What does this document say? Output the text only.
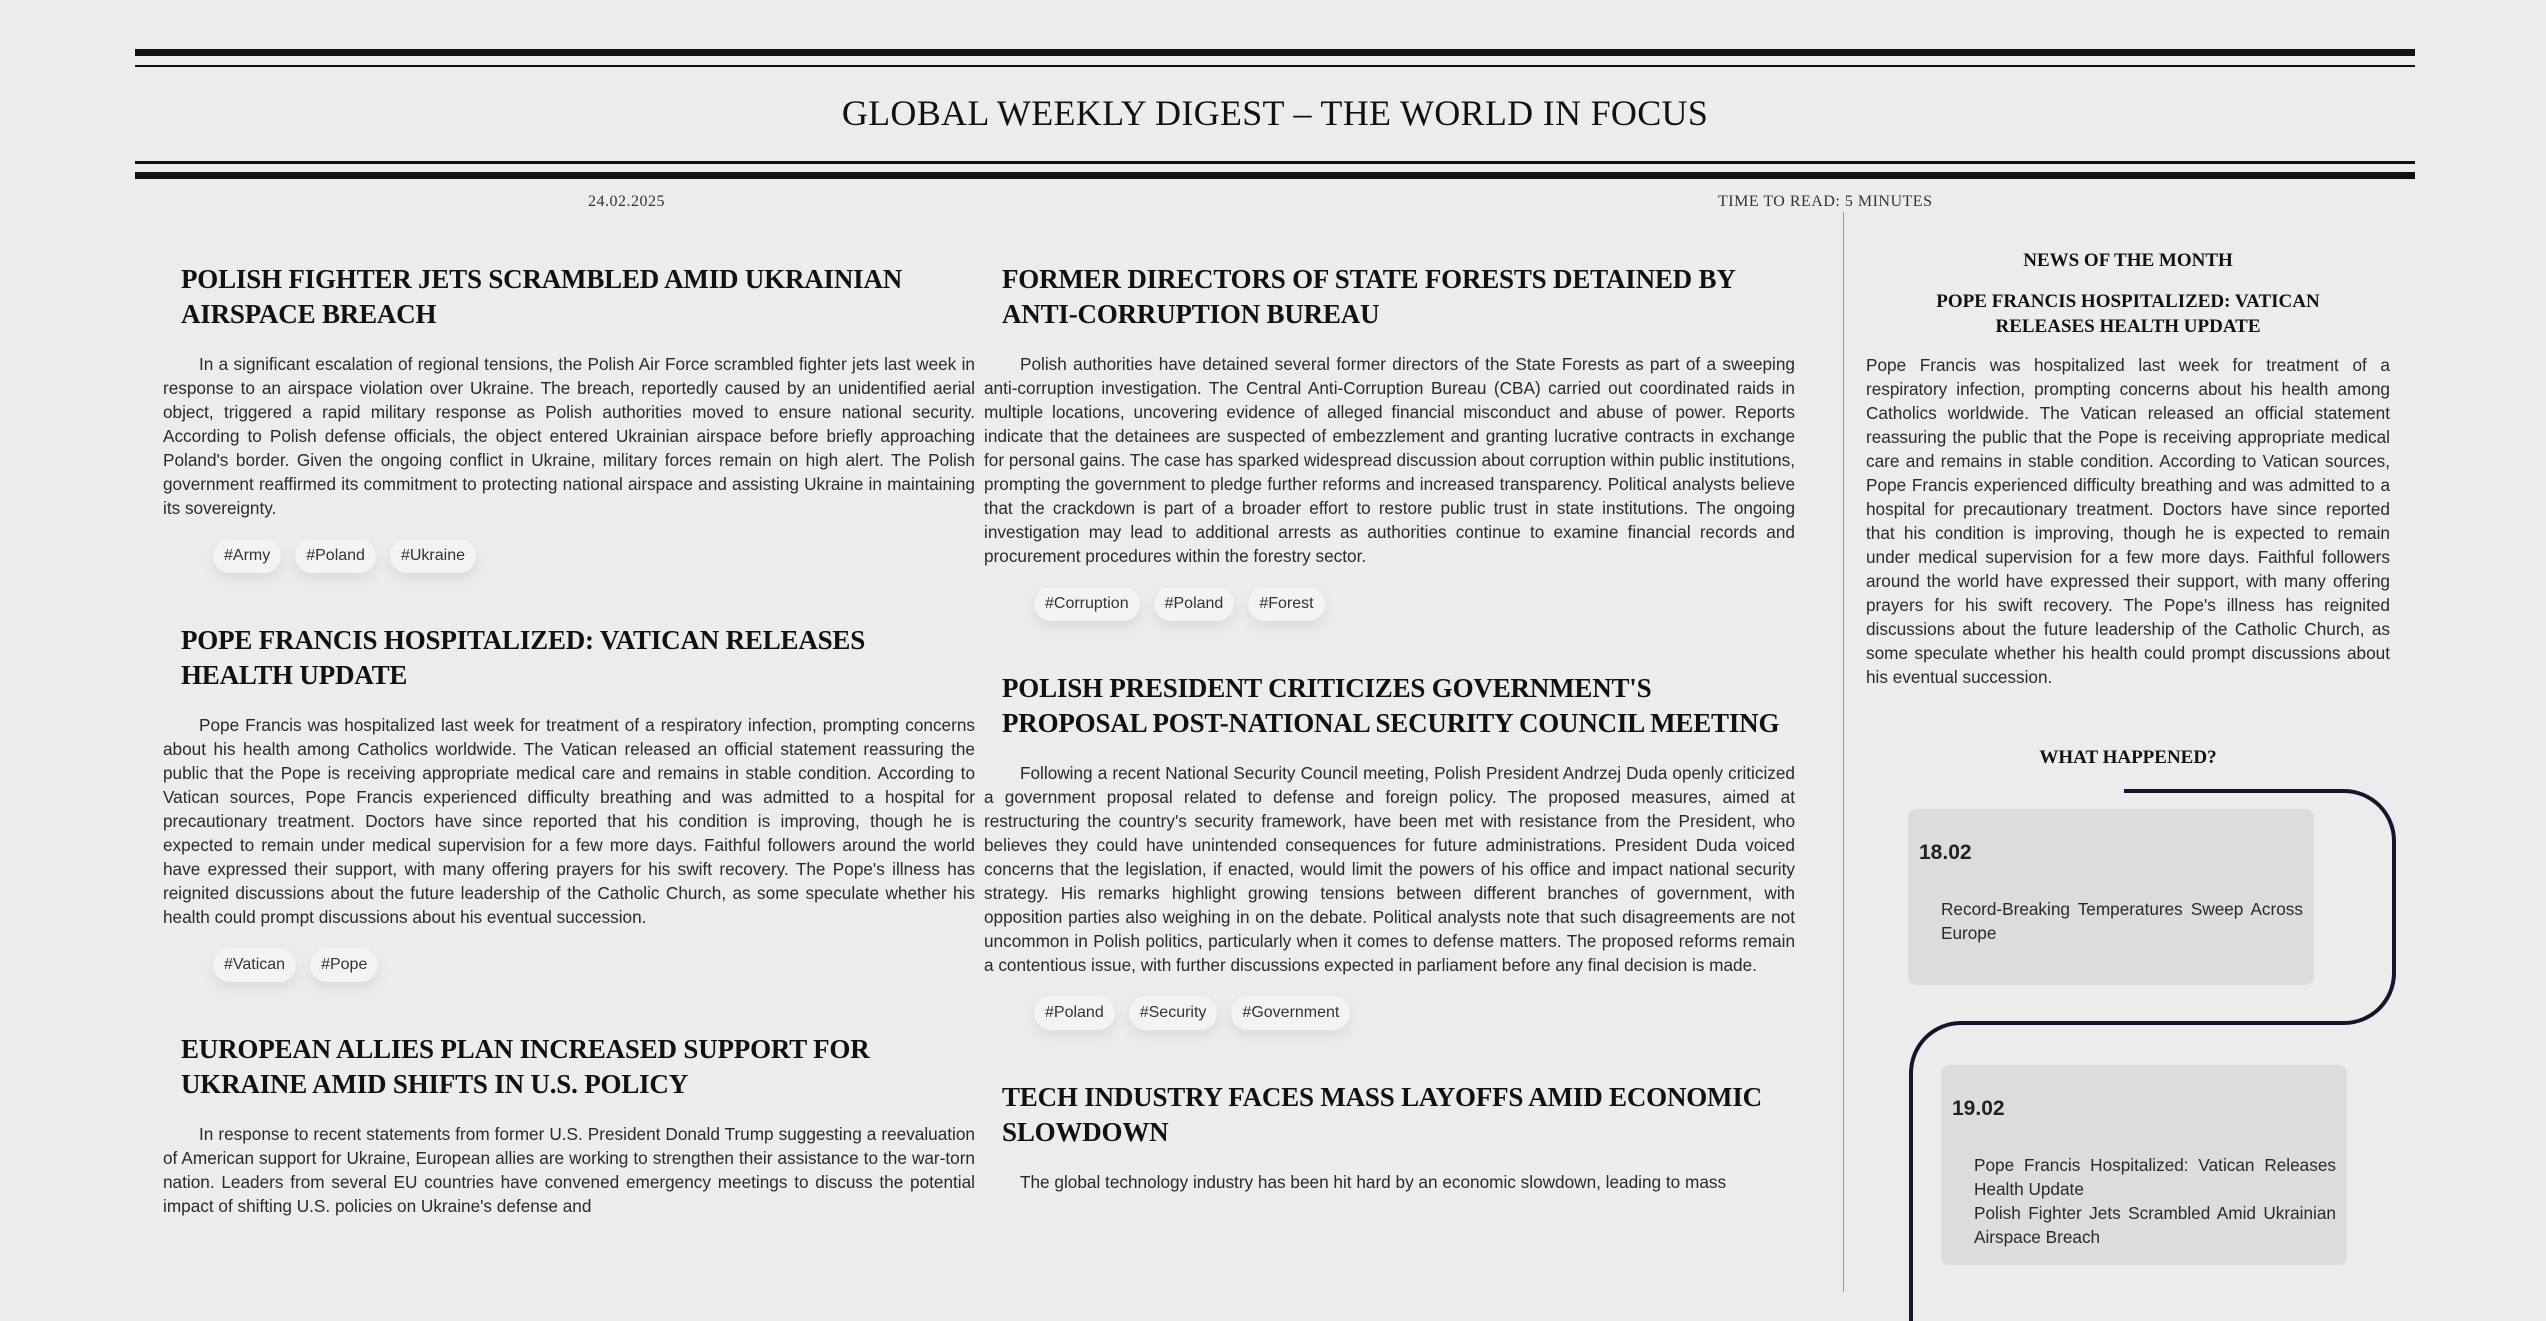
GLOBAL WEEKLY DIGEST – THE WORLD IN FOCUS
24.02.2025	TIME TO READ: 5 MINUTES
POLISH FIGHTER JETS SCRAMBLED AMID UKRAINIAN AIRSPACE BREACH

In a significant escalation of regional tensions, the Polish Air Force scrambled fighter jets last week in response to an airspace violation over Ukraine. The breach, reportedly caused by an unidentified aerial object, triggered a rapid military response as Polish authorities moved to ensure national security. According to Polish defense officials, the object entered Ukrainian airspace before briefly approaching Poland's border. Given the ongoing conflict in Ukraine, military forces remain on high alert. The Polish government reaffirmed its commitment to protecting national airspace and assisting Ukraine in maintaining its sovereignty.

#Army	#Poland	#Ukraine
POPE FRANCIS HOSPITALIZED: VATICAN RELEASES HEALTH UPDATE

Pope Francis was hospitalized last week for treatment of a respiratory infection, prompting concerns about his health among Catholics worldwide. The Vatican released an official statement reassuring the public that the Pope is receiving appropriate medical care and remains in stable condition. According to Vatican sources, Pope Francis experienced difficulty breathing and was admitted to a hospital for precautionary treatment. Doctors have since reported that his condition is improving, though he is expected to remain under medical supervision for a few more days. Faithful followers around the world have expressed their support, with many offering prayers for his swift recovery. The Pope's illness has reignited discussions about the future leadership of the Catholic Church, as some speculate whether his health could prompt discussions about his eventual succession.

#Vatican	#Pope
EUROPEAN ALLIES PLAN INCREASED SUPPORT FOR UKRAINE AMID SHIFTS IN U.S. POLICY

In response to recent statements from former U.S. President Donald Trump suggesting a reevaluation of American support for Ukraine, European allies are working to strengthen their assistance to the war-torn nation. Leaders from several EU countries have convened emergency meetings to discuss the potential impact of shifting U.S. policies on Ukraine's defense and

FORMER DIRECTORS OF STATE FORESTS DETAINED BY ANTI-CORRUPTION BUREAU

Polish authorities have detained several former directors of the State Forests as part of a sweeping anti-corruption investigation. The Central Anti-Corruption Bureau (CBA) carried out coordinated raids in multiple locations, uncovering evidence of alleged financial misconduct and abuse of power. Reports indicate that the detainees are suspected of embezzlement and granting lucrative contracts in exchange for personal gains. The case has sparked widespread discussion about corruption within public institutions, prompting the government to pledge further reforms and increased transparency. Political analysts believe that the crackdown is part of a broader effort to restore public trust in state institutions. The ongoing investigation may lead to additional arrests as authorities continue to examine financial records and procurement procedures within the forestry sector.

#Corruption	#Poland	#Forest
POLISH PRESIDENT CRITICIZES GOVERNMENT'S PROPOSAL POST-NATIONAL SECURITY COUNCIL MEETING

Following a recent National Security Council meeting, Polish President Andrzej Duda openly criticized a government proposal related to defense and foreign policy. The proposed measures, aimed at restructuring the country's security framework, have been met with resistance from the President, who believes they could have unintended consequences for future administrations. President Duda voiced concerns that the legislation, if enacted, would limit the powers of his office and impact national security strategy. His remarks highlight growing tensions between different branches of government, with opposition parties also weighing in on the debate. Political analysts note that such disagreements are not uncommon in Polish politics, particularly when it comes to defense matters. The proposed reforms remain a contentious issue, with further discussions expected in parliament before any final decision is made.

#Poland	#Security	#Government
TECH INDUSTRY FACES MASS LAYOFFS AMID ECONOMIC SLOWDOWN

The global technology industry has been hit hard by an economic slowdown, leading to mass

NEWS OF THE MONTH
POPE FRANCIS HOSPITALIZED: VATICAN RELEASES HEALTH UPDATE

Pope Francis was hospitalized last week for treatment of a respiratory infection, prompting concerns about his health among Catholics worldwide. The Vatican released an official statement reassuring the public that the Pope is receiving appropriate medical care and remains in stable condition. According to Vatican sources, Pope Francis experienced difficulty breathing and was admitted to a hospital for precautionary treatment. Doctors have since reported that his condition is improving, though he is expected to remain under medical supervision for a few more days. Faithful followers around the world have expressed their support, with many offering prayers for his swift recovery. The Pope's illness has reignited discussions about the future leadership of the Catholic Church, as some speculate whether his health could prompt discussions about his eventual succession.

WHAT HAPPENED?

18.02

Record-Breaking Temperatures Sweep Across Europe

19.02

Pope Francis Hospitalized: Vatican Releases Health Update

Polish Fighter Jets Scrambled Amid Ukrainian Airspace Breach
